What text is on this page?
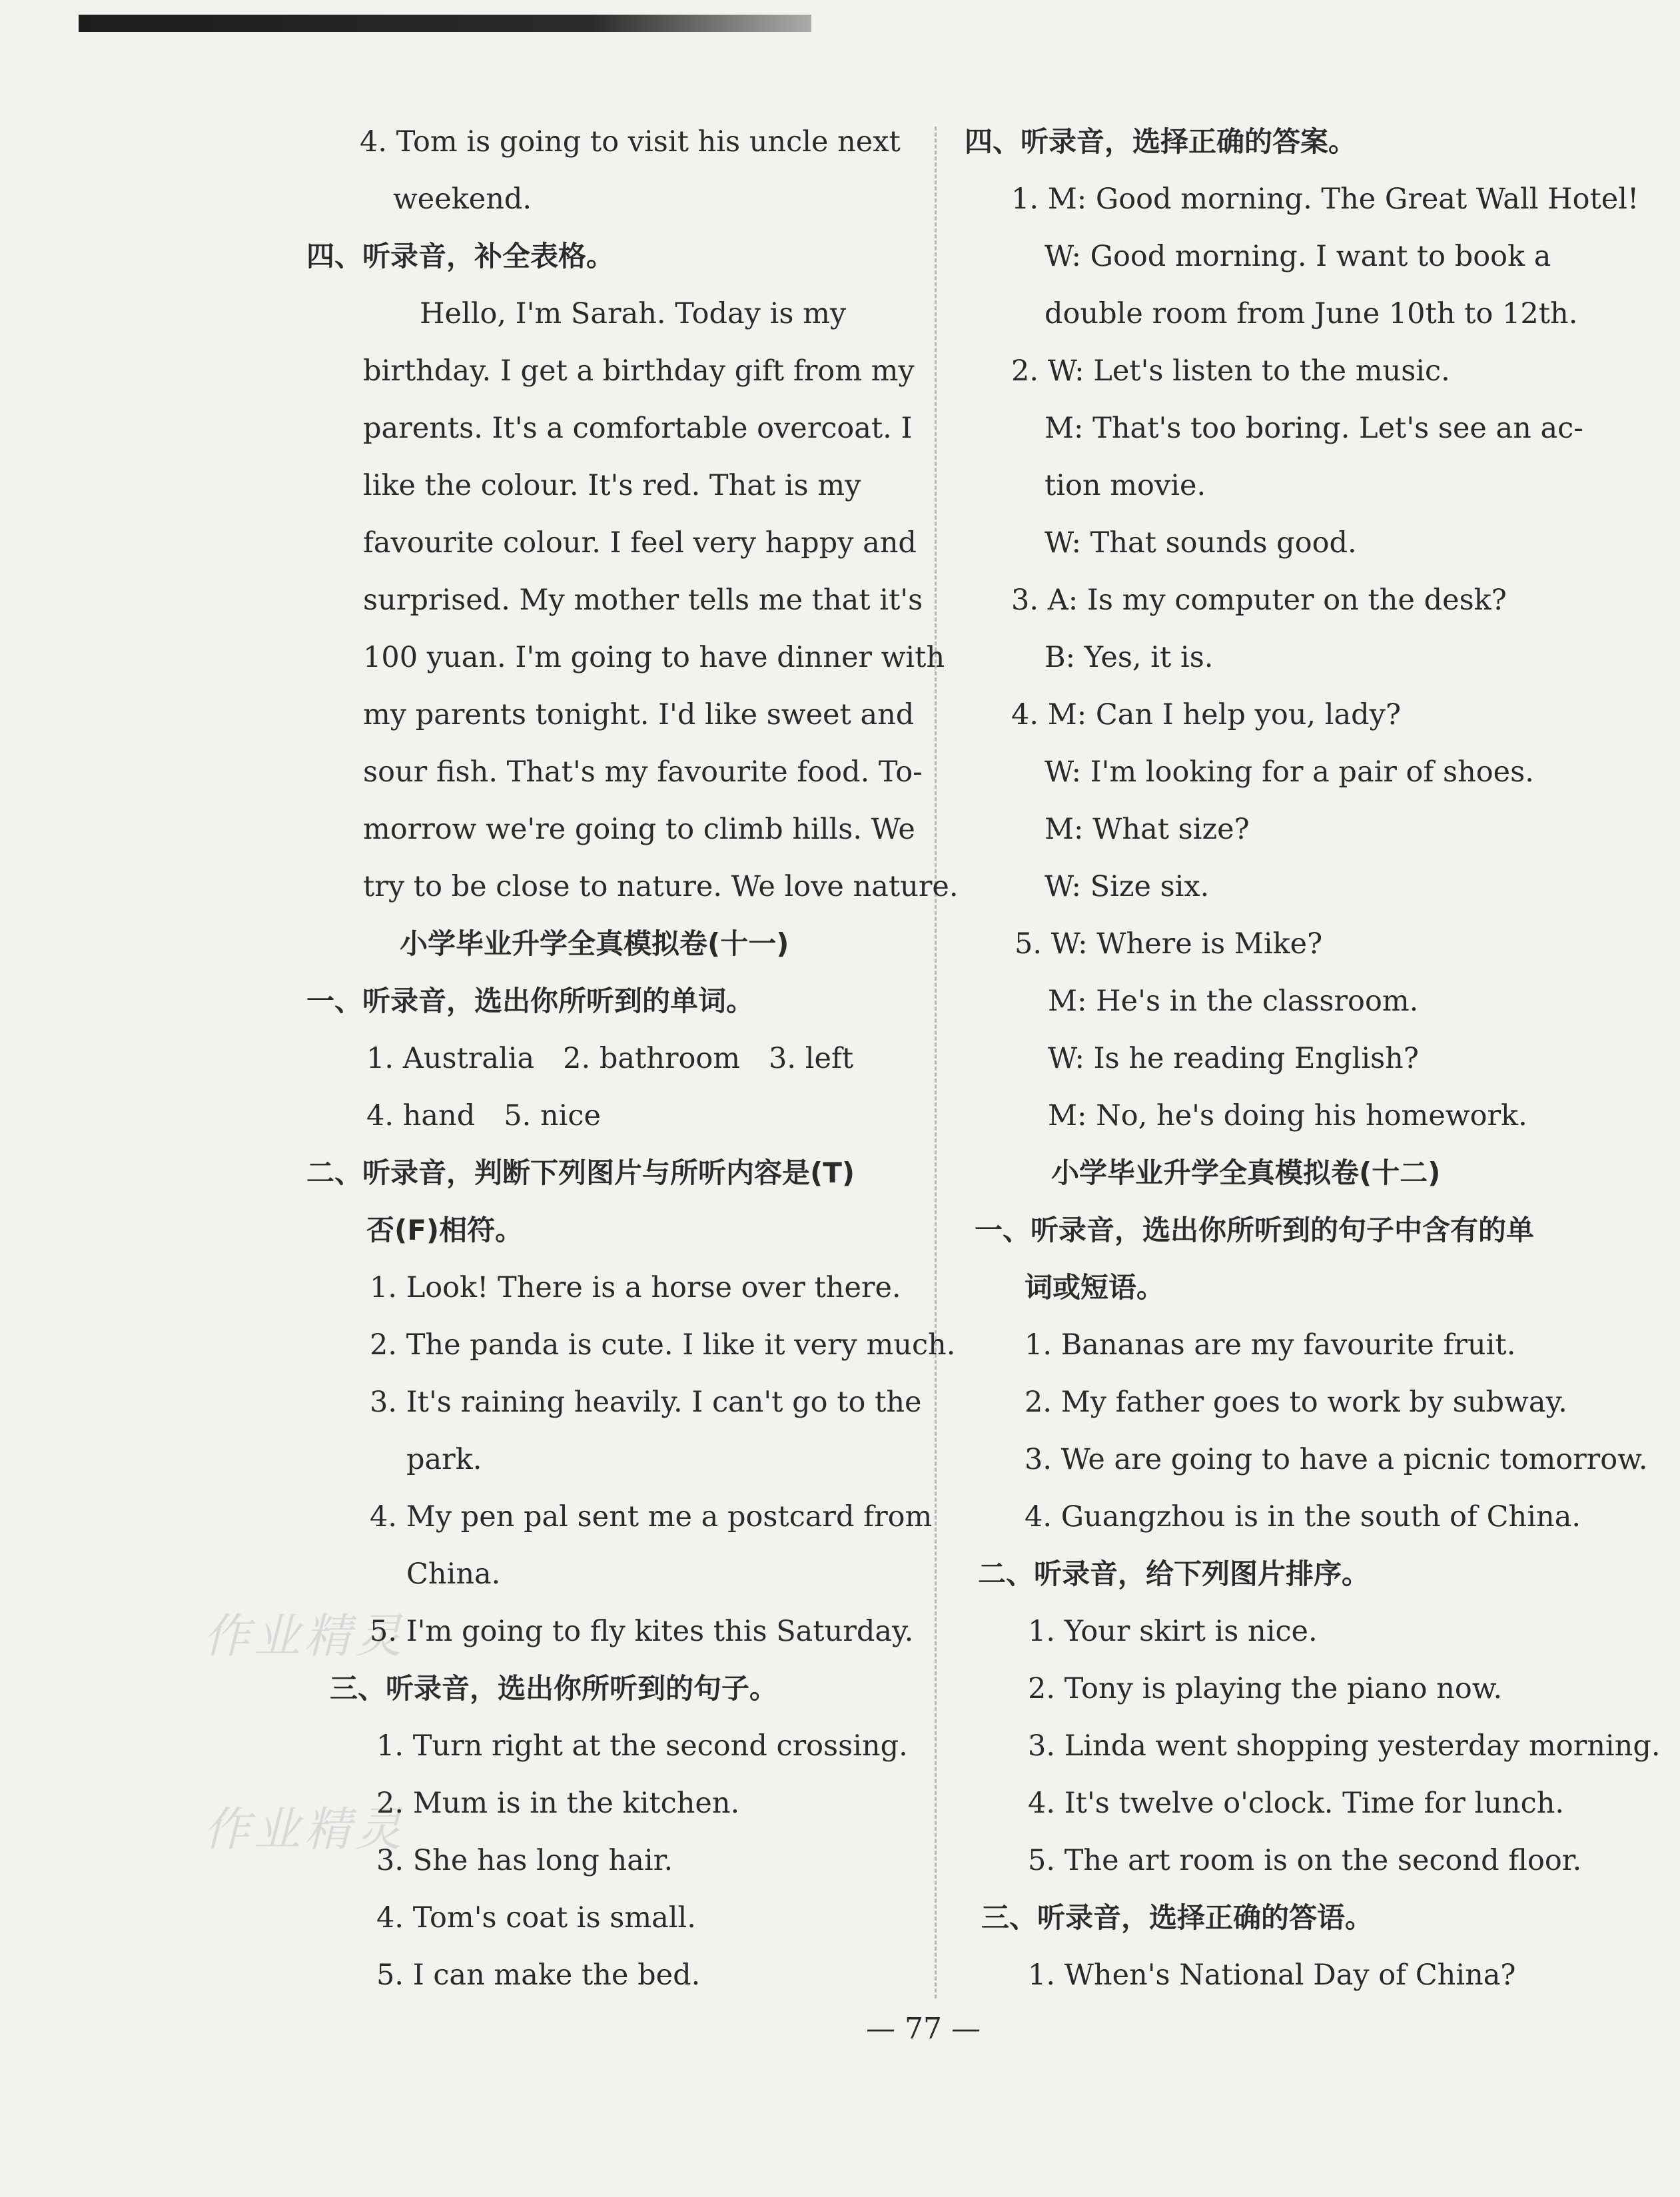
作业精灵
作业精灵
4. Tom is going to visit his uncle next
weekend.
四、听录音，补全表格。
Hello, I'm Sarah. Today is my
birthday. I get a birthday gift from my
parents. It's a comfortable overcoat. I
like the colour. It's red. That is my
favourite colour. I feel very happy and
surprised. My mother tells me that it's
100 yuan. I'm going to have dinner with
my parents tonight. I'd like sweet and
sour fish. That's my favourite food. To-
morrow we're going to climb hills. We
try to be close to nature. We love nature.
小学毕业升学全真模拟卷(十一)
一、听录音，选出你所听到的单词。
1. Australia　2. bathroom　3. left
4. hand　5. nice
二、听录音，判断下列图片与所听内容是(T)
否(F)相符。
1. Look! There is a horse over there.
2. The panda is cute. I like it very much.
3. It's raining heavily. I can't go to the
park.
4. My pen pal sent me a postcard from
China.
5. I'm going to fly kites this Saturday.
三、听录音，选出你所听到的句子。
1. Turn right at the second crossing.
2. Mum is in the kitchen.
3. She has long hair.
4. Tom's coat is small.
5. I can make the bed.
四、听录音，选择正确的答案。
1. M: Good morning. The Great Wall Hotel!
W: Good morning. I want to book a
double room from June 10th to 12th.
2. W: Let's listen to the music.
M: That's too boring. Let's see an ac-
tion movie.
W: That sounds good.
3. A: Is my computer on the desk?
B: Yes, it is.
4. M: Can I help you, lady?
W: I'm looking for a pair of shoes.
M: What size?
W: Size six.
5. W: Where is Mike?
M: He's in the classroom.
W: Is he reading English?
M: No, he's doing his homework.
小学毕业升学全真模拟卷(十二)
一、听录音，选出你所听到的句子中含有的单
词或短语。
1. Bananas are my favourite fruit.
2. My father goes to work by subway.
3. We are going to have a picnic tomorrow.
4. Guangzhou is in the south of China.
二、听录音，给下列图片排序。
1. Your skirt is nice.
2. Tony is playing the piano now.
3. Linda went shopping yesterday morning.
4. It's twelve o'clock. Time for lunch.
5. The art room is on the second floor.
三、听录音，选择正确的答语。
1. When's National Day of China?
— 77 —
